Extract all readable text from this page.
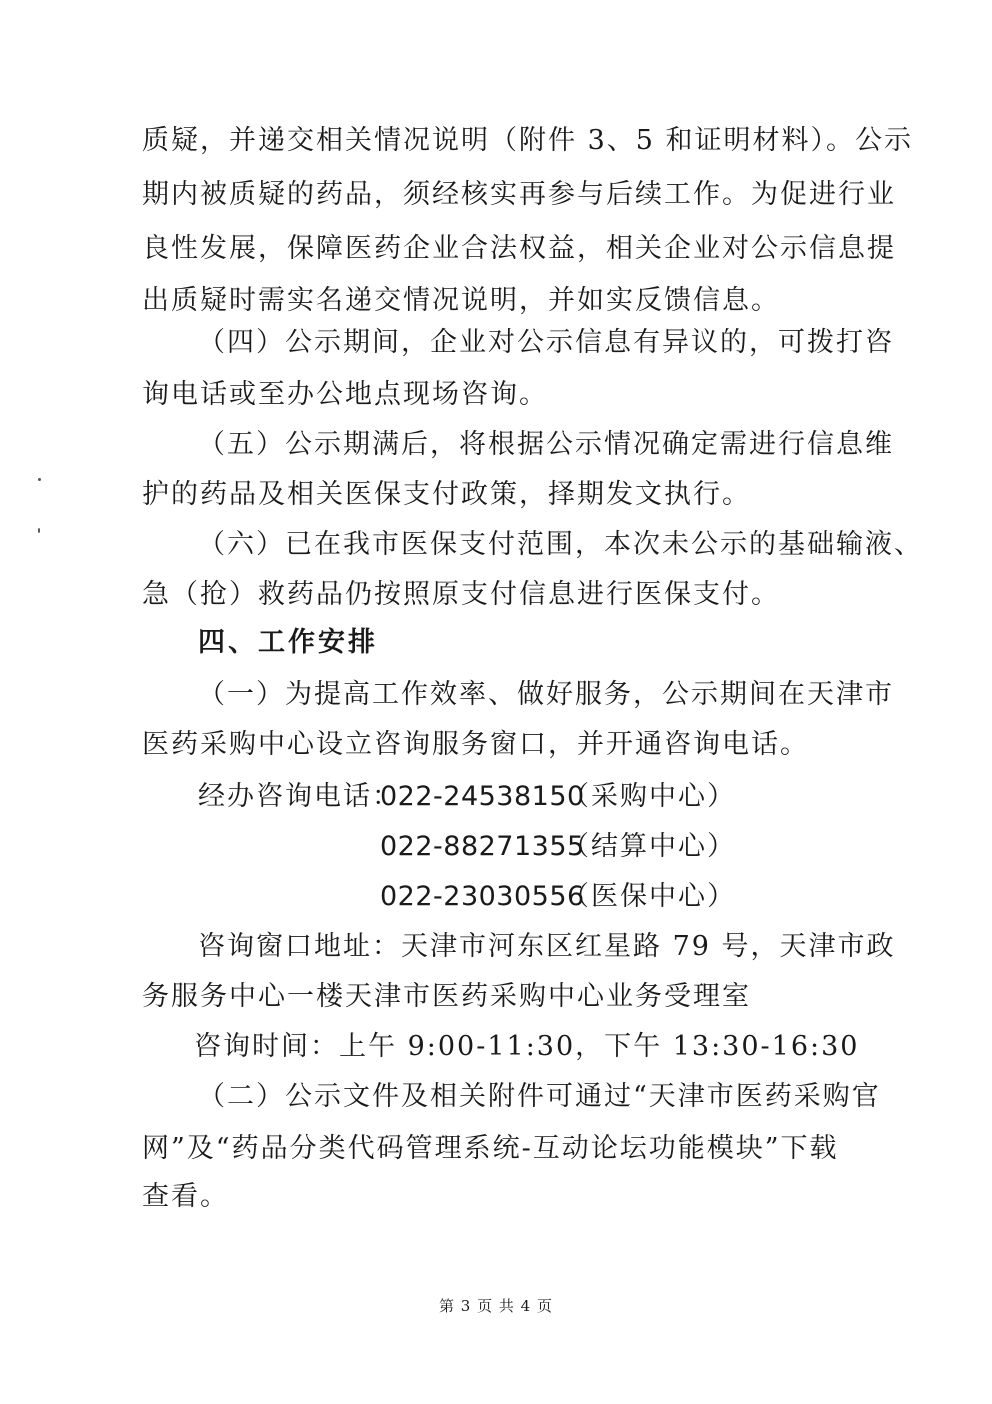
质疑，并递交相关情况说明（附件 3、5 和证明材料）。公示
期内被质疑的药品，须经核实再参与后续工作。为促进行业
良性发展，保障医药企业合法权益，相关企业对公示信息提
出质疑时需实名递交情况说明，并如实反馈信息。
（四）公示期间，企业对公示信息有异议的，可拨打咨
询电话或至办公地点现场咨询。
（五）公示期满后，将根据公示情况确定需进行信息维
护的药品及相关医保支付政策，择期发文执行。
（六）已在我市医保支付范围，本次未公示的基础输液、
急（抢）救药品仍按照原支付信息进行医保支付。
四、工作安排
（一）为提高工作效率、做好服务，公示期间在天津市
医药采购中心设立咨询服务窗口，并开通咨询电话。
经办咨询电话：
022-24538150
（采购中心）
022-88271355
（结算中心）
022-23030556
（医保中心）
咨询窗口地址：天津市河东区红星路 79 号，天津市政
务服务中心一楼天津市医药采购中心业务受理室
咨询时间：上午 9:00-11:30，下午 13:30-16:30
（二）公示文件及相关附件可通过“天津市医药采购官
网”及“药品分类代码管理系统-互动论坛功能模块”下载
查看。
第 3 页 共 4 页
